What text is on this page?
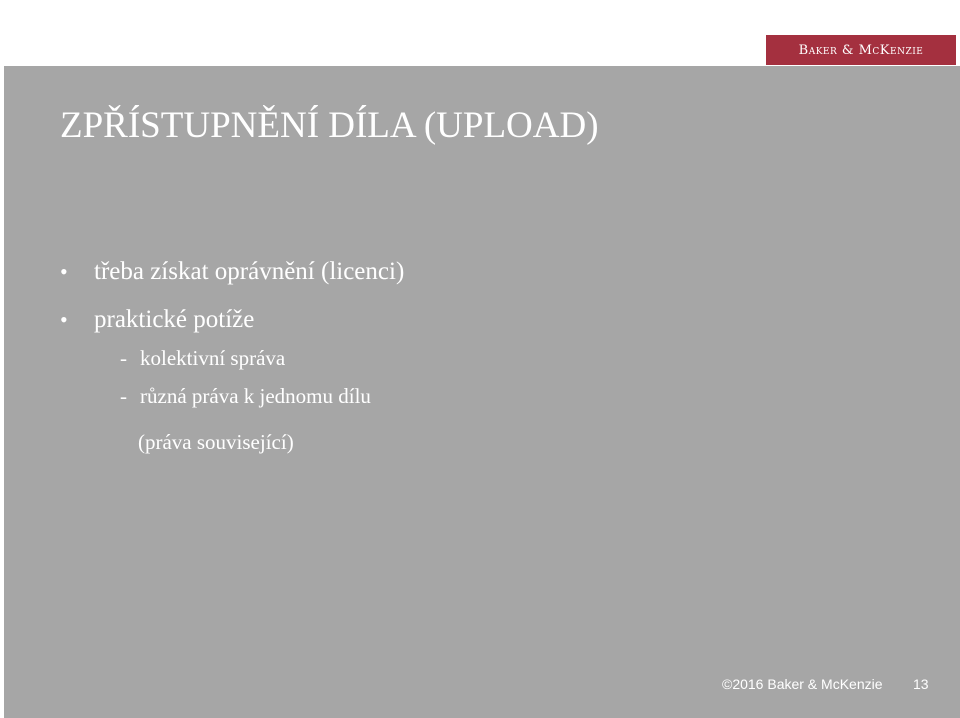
Baker & McKenzie
ZPŘÍSTUPNĚNÍ DÍLA (UPLOAD)

• třeba získat oprávnění (licenci)

• praktické potíže

- kolektivní správa

- různá práva k jednomu dílu

(práva související)

©2016 Baker & McKenzie 13
